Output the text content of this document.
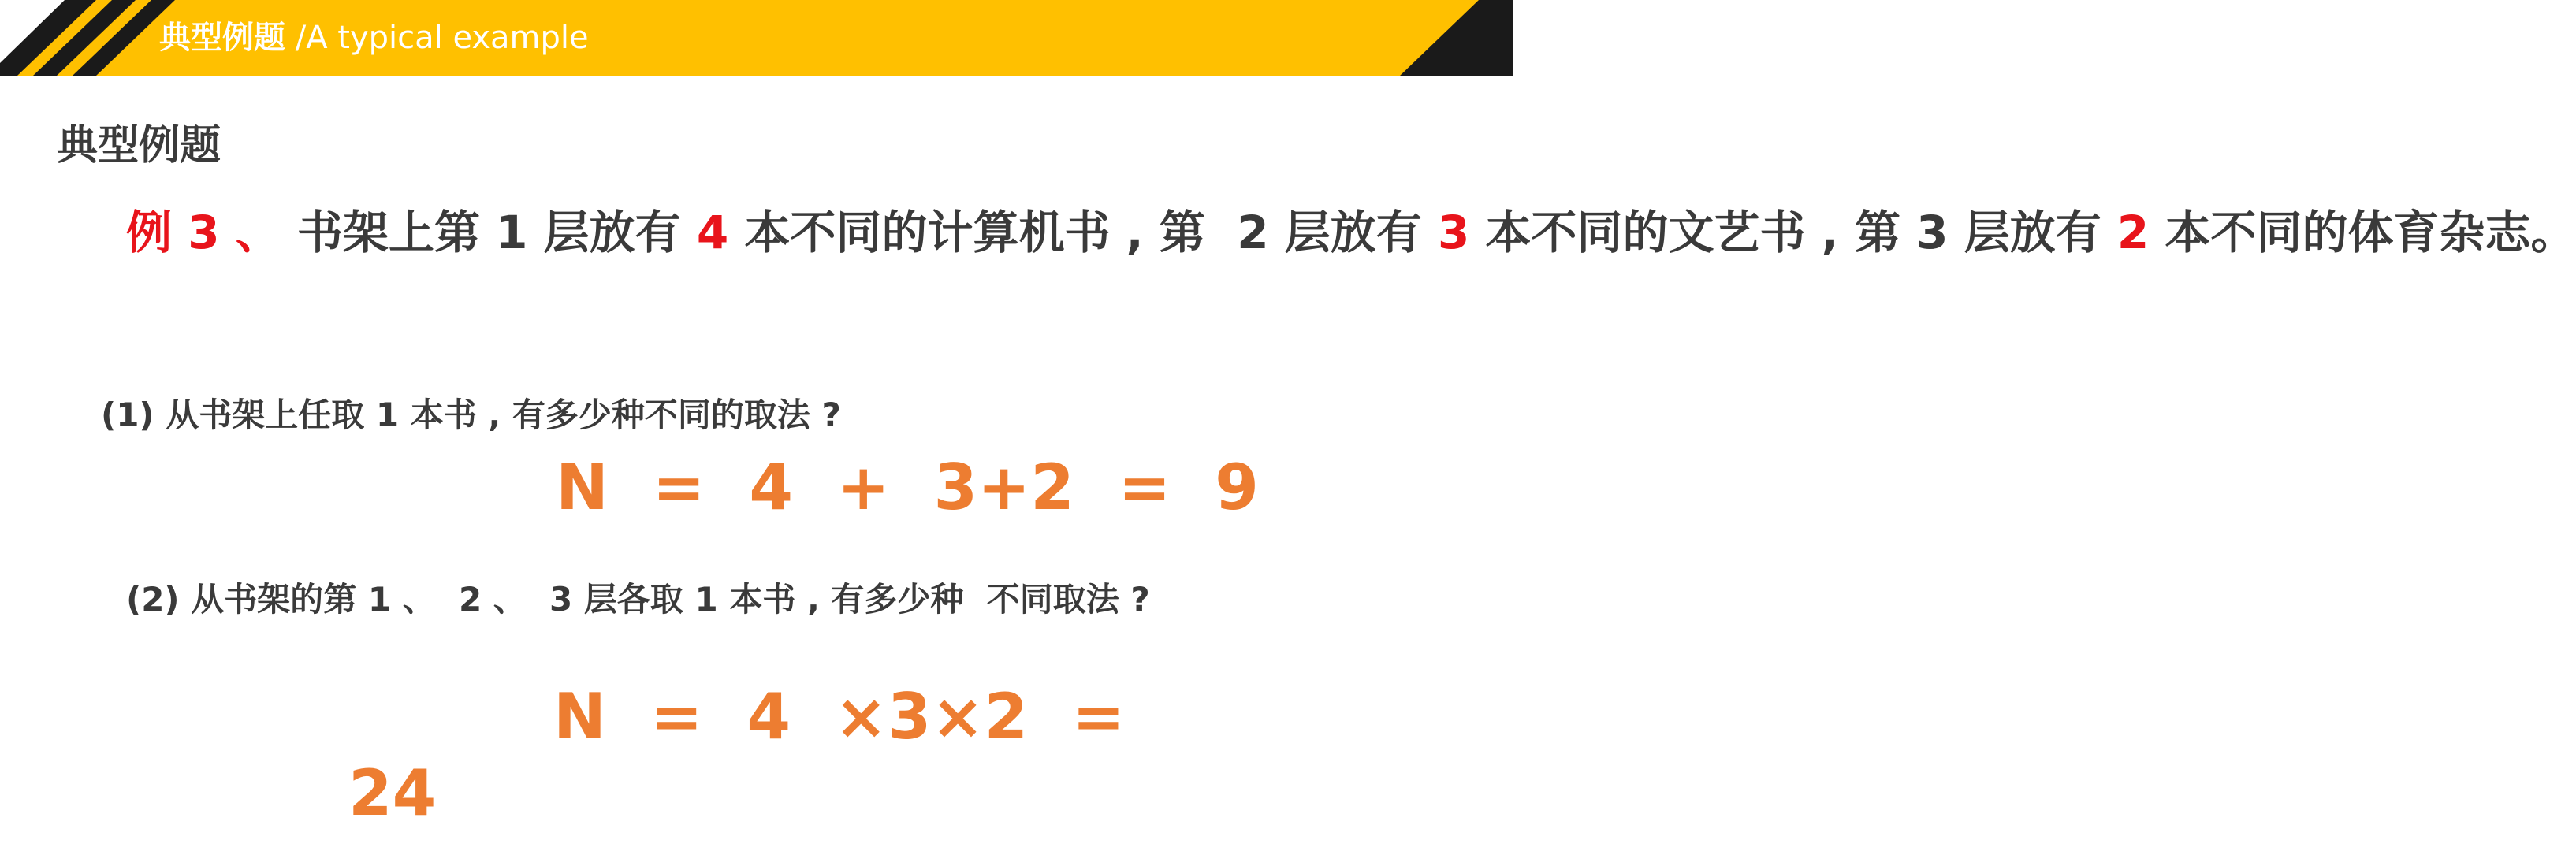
典型例题 /A typical example
典型例题
例 3 、 书架上第 1 层放有 4 本不同的计算机书 , 第  2 层放有 3 本不同的文艺书 , 第 3 层放有 2 本不同的体育杂志。
(1) 从书架上任取 1 本书 , 有多少种不同的取法 ?
N  =  4  +  3+2  =  9
(2) 从书架的第 1 、  2 、  3 层各取 1 本书 , 有多少种  不同取法 ?
N  =  4  ×3×2  =
24
